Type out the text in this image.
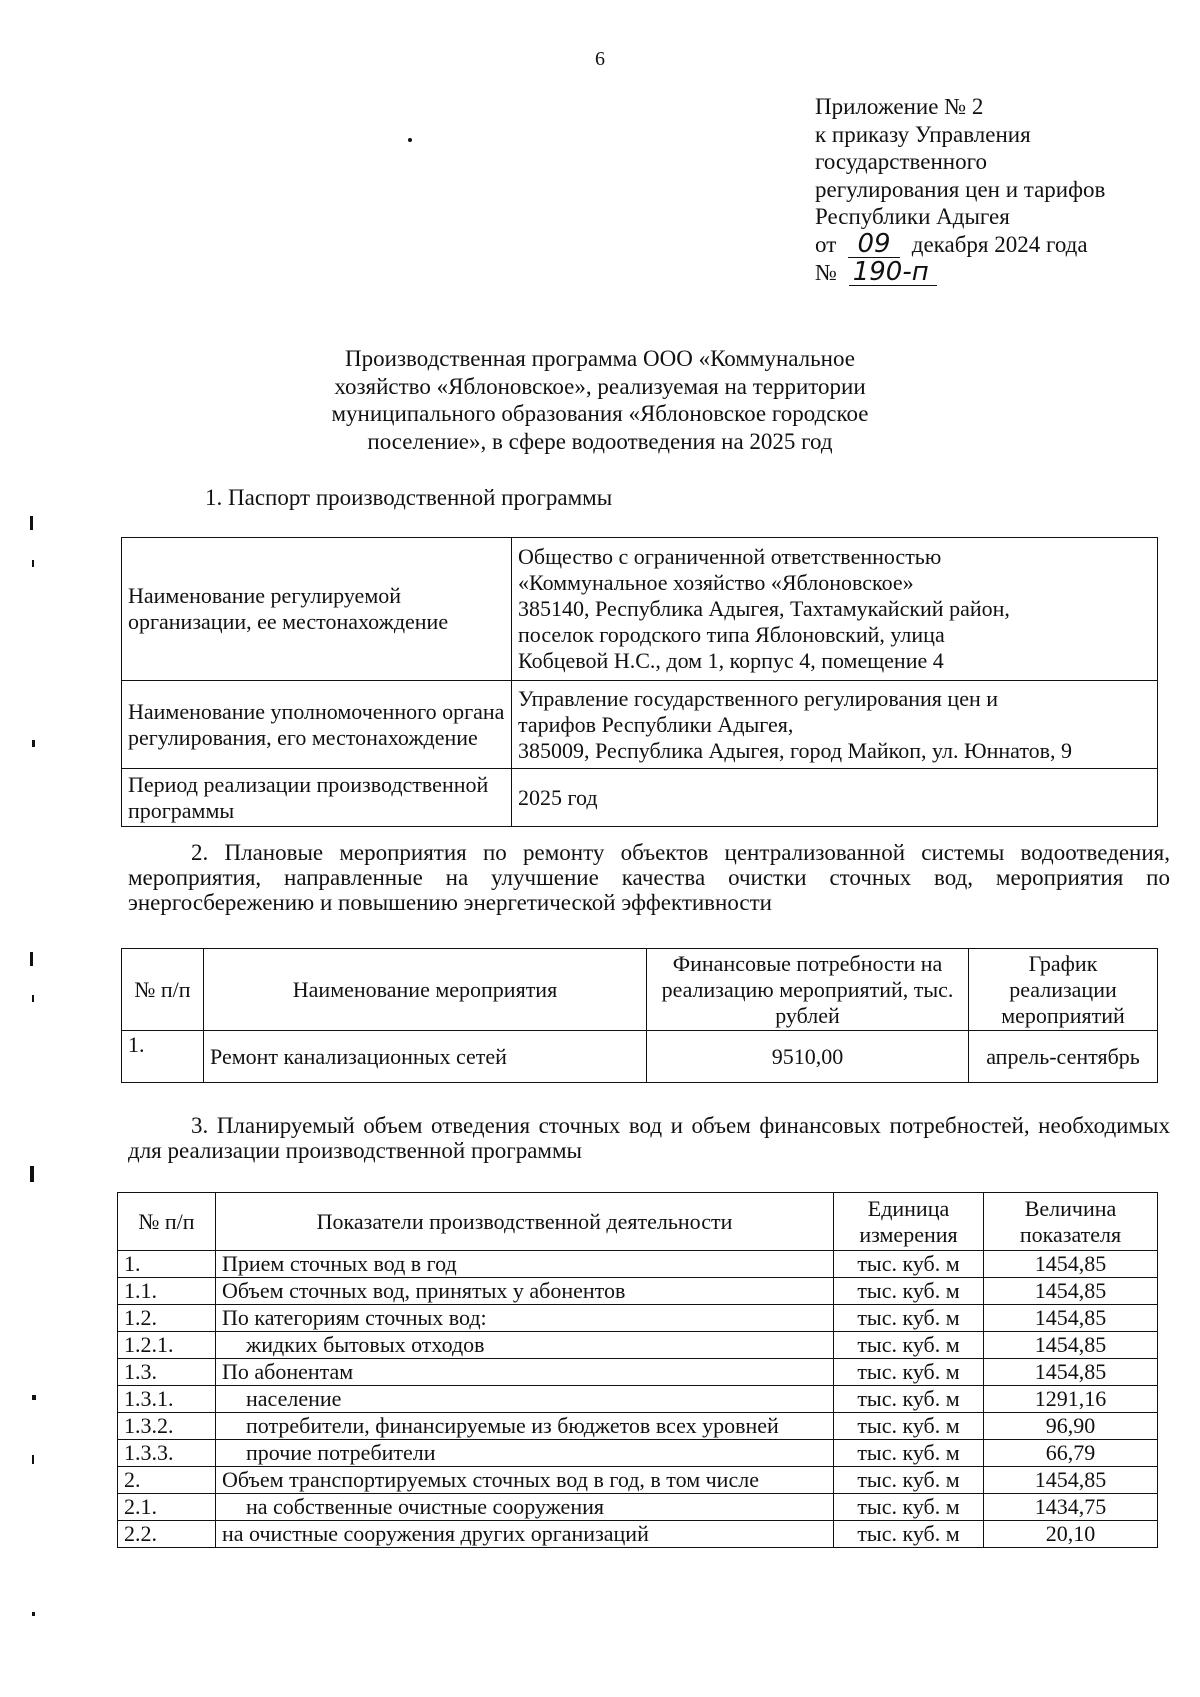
6
Приложение № 2
к приказу Управления
государственного
регулирования цен и тарифов
Республики Адыгея
от 09 декабря 2024 года
№ 190-п
Производственная программа ООО «Коммунальное
хозяйство «Яблоновское», реализуемая на территории
муниципального образования «Яблоновское городское
поселение», в сфере водоотведения на 2025 год
1. Паспорт производственной программы
Наименование регулируемой организации, ее местонахождение	Общество с ограниченной ответственностью
«Коммунальное хозяйство «Яблоновское»
385140, Республика Адыгея, Тахтамукайский район,
поселок городского типа Яблоновский, улица
Кобцевой Н.С., дом 1, корпус 4, помещение 4

Наименование уполномоченного органа регулирования, его местонахождение	Управление государственного регулирования цен и
тарифов Республики Адыгея,
385009, Республика Адыгея, город Майкоп, ул. Юннатов, 9

Период реализации производственной программы	2025 год
2. Плановые мероприятия по ремонту объектов централизованной системы водоотведения, мероприятия, направленные на улучшение качества очистки сточных вод, мероприятия по энергосбережению и повышению энергетической эффективности
№ п/п	Наименование мероприятия	Финансовые потребности на реализацию мероприятий, тыс. рублей	График реализации мероприятий
1.	Ремонт канализационных сетей	9510,00	апрель-сентябрь
3. Планируемый объем отведения сточных вод и объем финансовых потребностей, необходимых для реализации производственной программы
№ п/п	Показатели производственной деятельности	Единица измерения	Величина показателя
1.	Прием сточных вод в год	тыс. куб. м	1454,85
1.1.	Объем сточных вод, принятых у абонентов	тыс. куб. м	1454,85
1.2.	По категориям сточных вод:	тыс. куб. м	1454,85
1.2.1.	жидких бытовых отходов	тыс. куб. м	1454,85
1.3.	По абонентам	тыс. куб. м	1454,85
1.3.1.	население	тыс. куб. м	1291,16
1.3.2.	потребители, финансируемые из бюджетов всех уровней	тыс. куб. м	96,90
1.3.3.	прочие потребители	тыс. куб. м	66,79
2.	Объем транспортируемых сточных вод в год, в том числе	тыс. куб. м	1454,85
2.1.	на собственные очистные сооружения	тыс. куб. м	1434,75
2.2.	на очистные сооружения других организаций	тыс. куб. м	20,10
